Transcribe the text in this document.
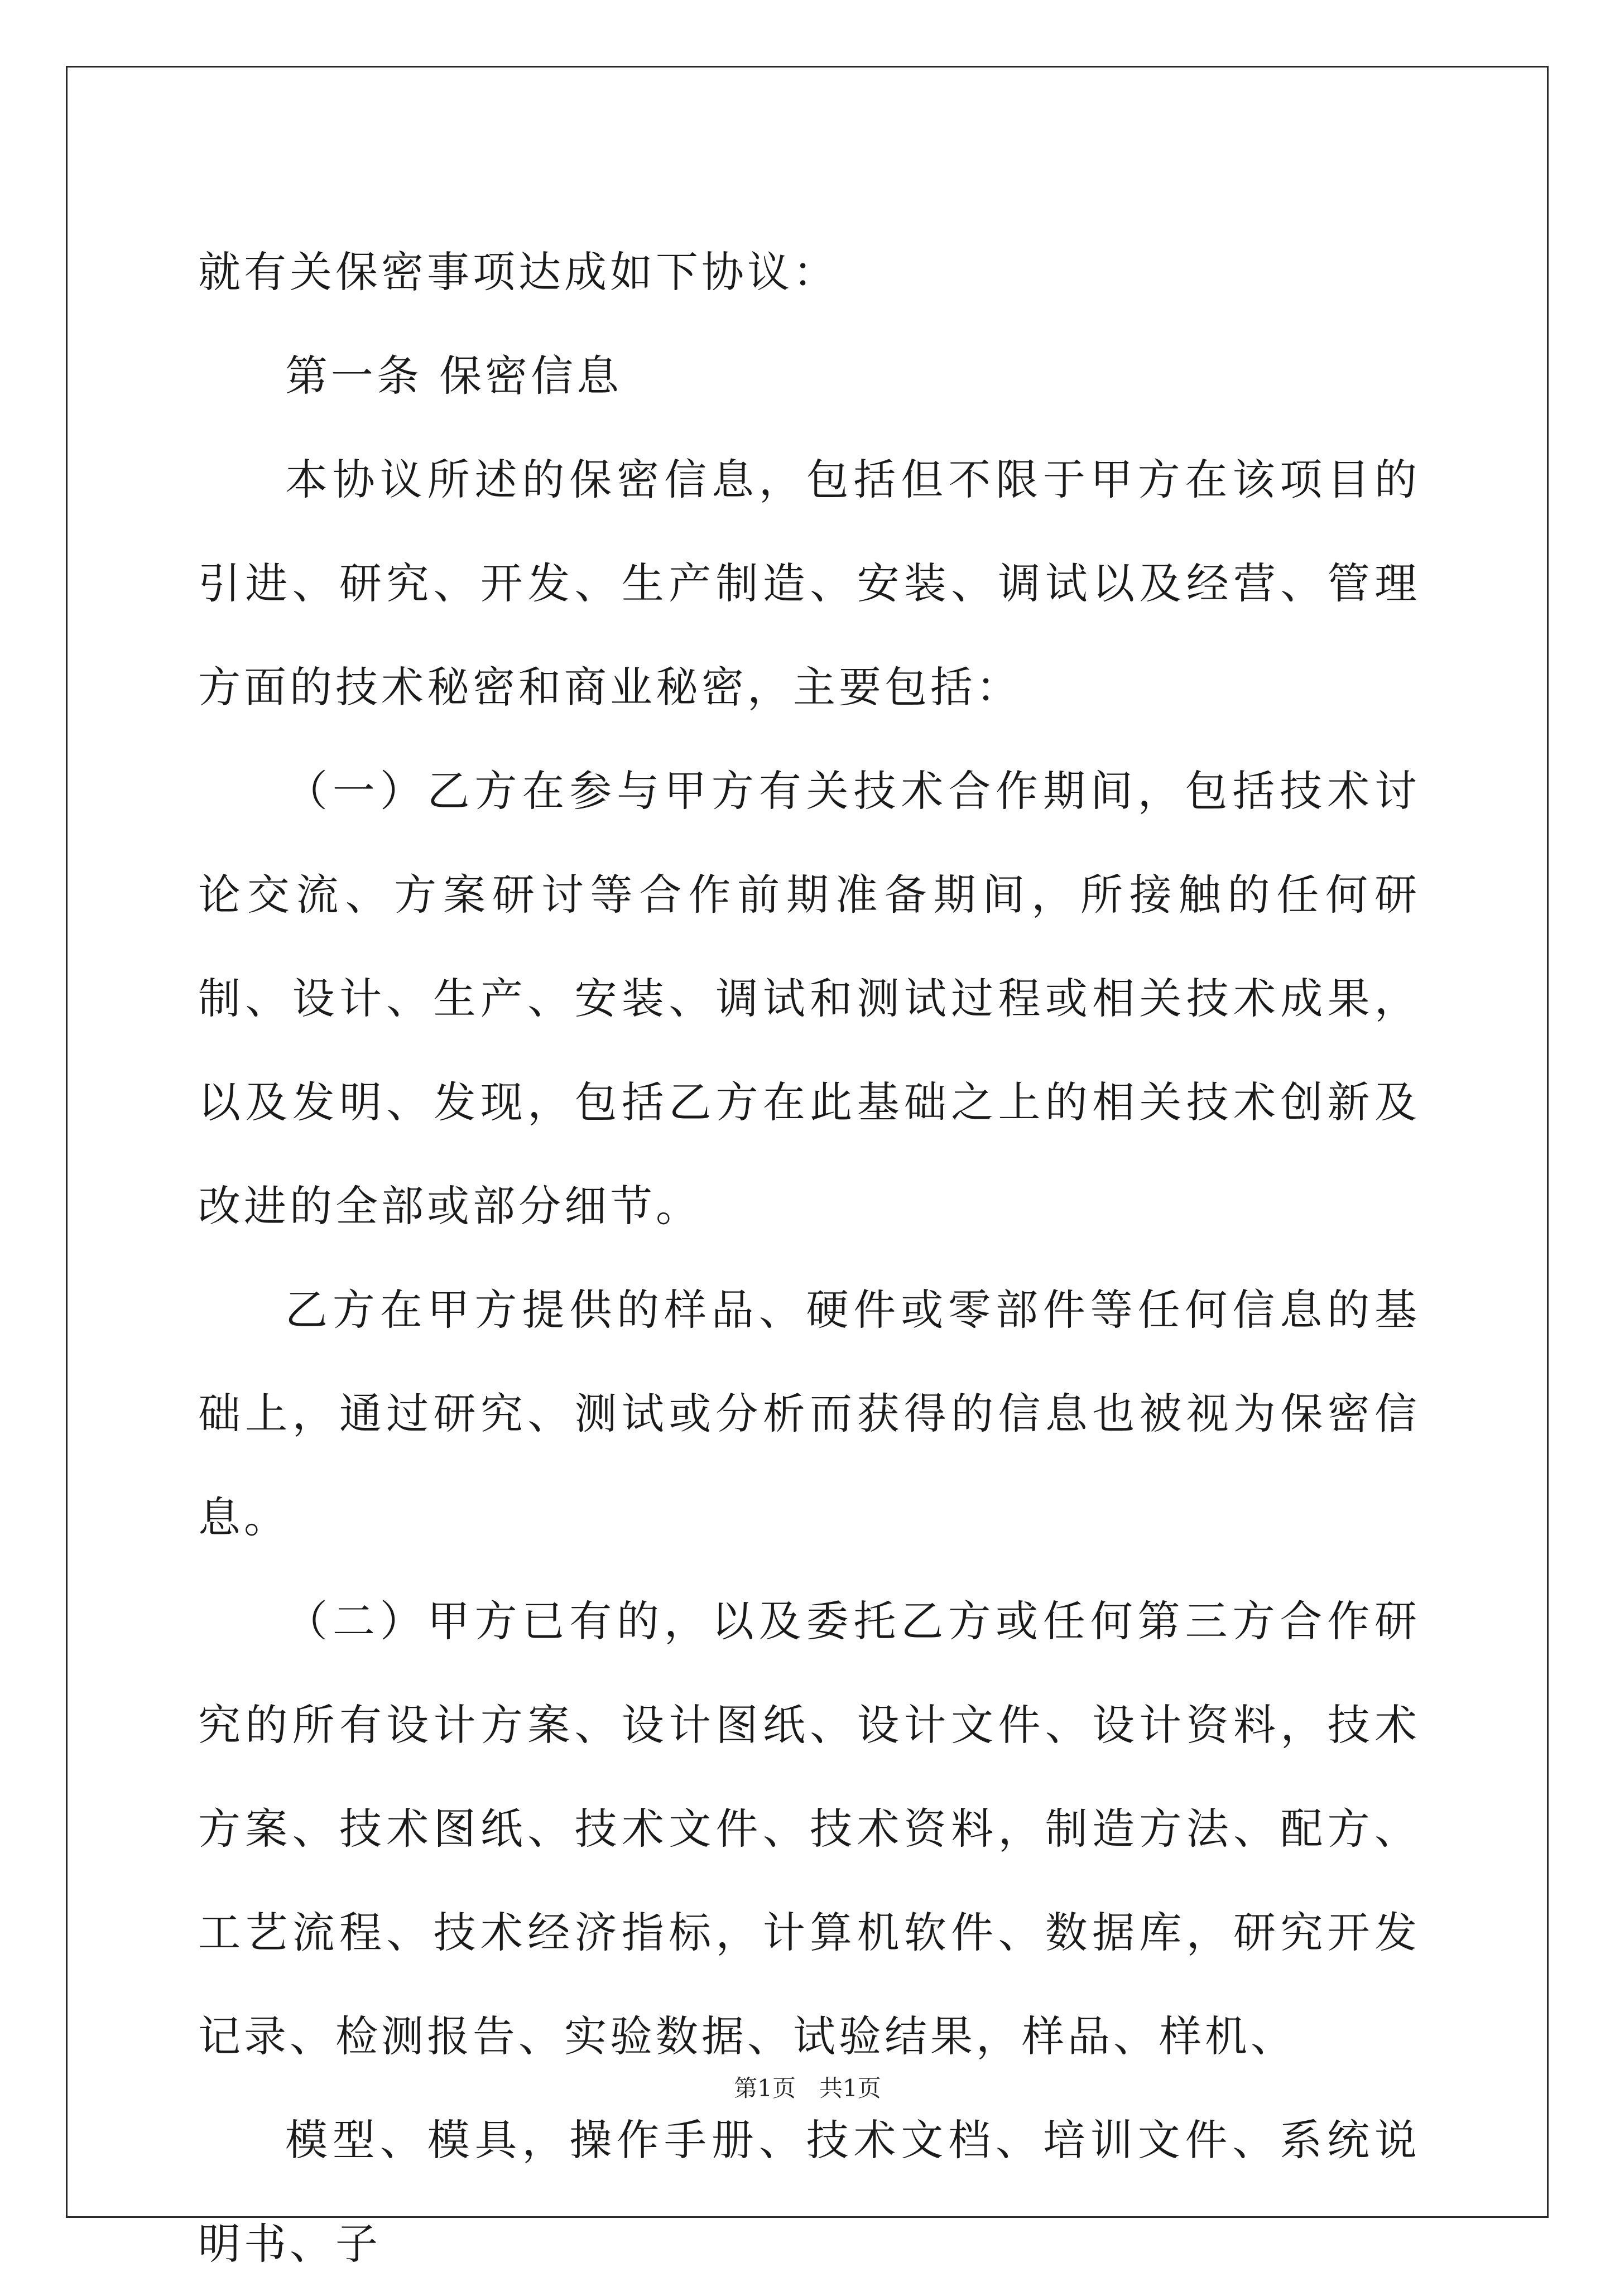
就有关保密事项达成如下协议：

第一条 保密信息

本协议所述的保密信息，包括但不限于甲方在该项目的引进、研究、开发、生产制造、安装、调试以及经营、管理方面的技术秘密和商业秘密，主要包括：

（一）乙方在参与甲方有关技术合作期间，包括技术讨论交流、方案研讨等合作前期准备期间，所接触的任何研制、设计、生产、安装、调试和测试过程或相关技术成果，以及发明、发现，包括乙方在此基础之上的相关技术创新及改进的全部或部分细节。

乙方在甲方提供的样品、硬件或零部件等任何信息的基础上，通过研究、测试或分析而获得的信息也被视为保密信息。

（二）甲方已有的，以及委托乙方或任何第三方合作研究的所有设计方案、设计图纸、设计文件、设计资料，技术方案、技术图纸、技术文件、技术资料，制造方法、配方、工艺流程、技术经济指标，计算机软件、数据库，研究开发记录、检测报告、实验数据、试验结果，样品、样机、

模型、模具，操作手册、技术文档、培训文件、系统说明书、子

第1页　共1页
